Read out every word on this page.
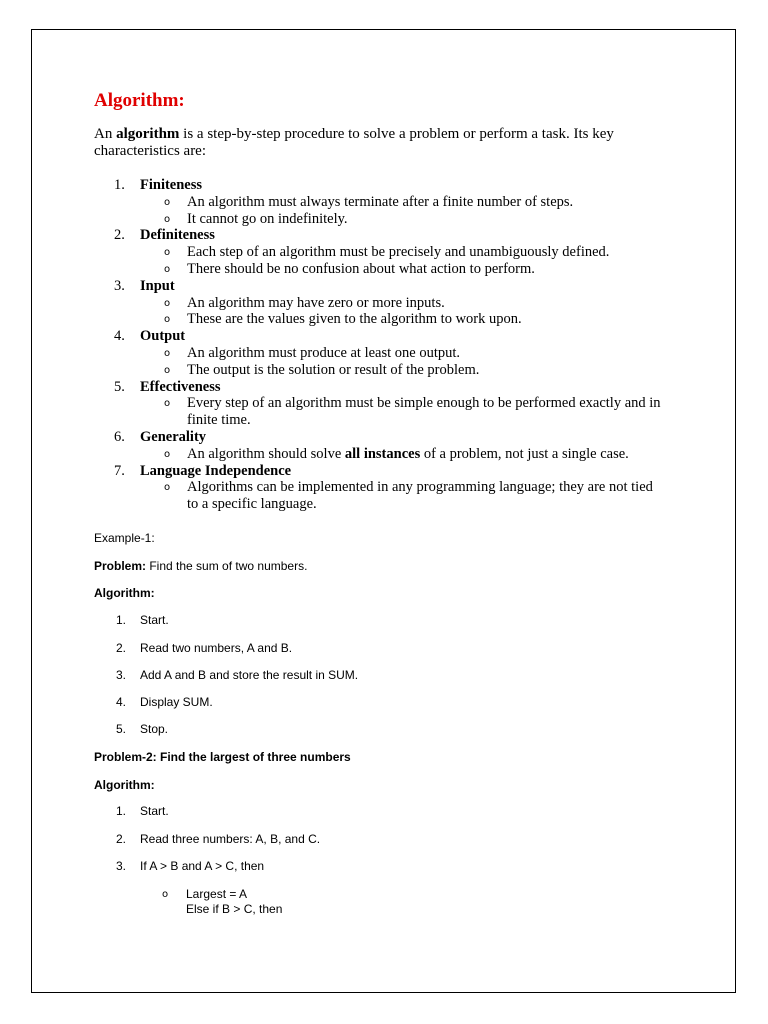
Algorithm:
An algorithm is a step-by-step procedure to solve a problem or perform a task. Its key characteristics are:
1. Finiteness
o An algorithm must always terminate after a finite number of steps.
o It cannot go on indefinitely.
2. Definiteness
o Each step of an algorithm must be precisely and unambiguously defined.
o There should be no confusion about what action to perform.
3. Input
o An algorithm may have zero or more inputs.
o These are the values given to the algorithm to work upon.
4. Output
o An algorithm must produce at least one output.
o The output is the solution or result of the problem.
5. Effectiveness
o Every step of an algorithm must be simple enough to be performed exactly and in finite time.
6. Generality
o An algorithm should solve all instances of a problem, not just a single case.
7. Language Independence
o Algorithms can be implemented in any programming language; they are not tied to a specific language.
Example-1:
Problem: Find the sum of two numbers.
Algorithm:
1. Start.
2. Read two numbers, A and B.
3. Add A and B and store the result in SUM.
4. Display SUM.
5. Stop.
Problem-2: Find the largest of three numbers
Algorithm:
1. Start.
2. Read three numbers: A, B, and C.
3. If A > B and A > C, then
o Largest = A
Else if B > C, then
